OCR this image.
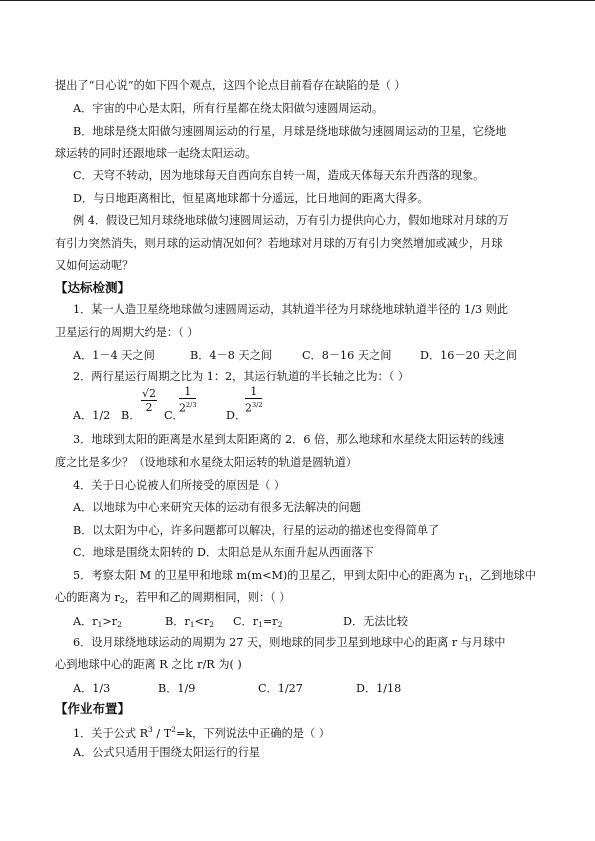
提出了“日心说”的如下四个观点，这四个论点目前看存在缺陷的是（ ）
A．宇宙的中心是太阳，所有行星都在绕太阳做匀速圆周运动。
B．地球是绕太阳做匀速圆周运动的行星，月球是绕地球做匀速圆周运动的卫星，它绕地
球运转的同时还跟地球一起绕太阳运动。
C．天穹不转动，因为地球每天自西向东自转一周，造成天体每天东升西落的现象。
D．与日地距离相比，恒星离地球都十分遥远，比日地间的距离大得多。
例 4．假设已知月球绕地球做匀速圆周运动，万有引力提供向心力，假如地球对月球的万
有引力突然消失，则月球的运动情况如何？若地球对月球的万有引力突然增加或减少，月球
又如何运动呢？
【达标检测】
1．某一人造卫星绕地球做匀速圆周运动，其轨道半径为月球绕地球轨道半径的 1/3 则此
卫星运行的周期大约是：（ ）
A．1－4 天之间	B．4－8 天之间	C．8－16 天之间	D．16－20 天之间
2．两行星运行周期之比为 1：2，其运行轨道的半长轴之比为：（ ）
A．1/2 B． C．	D．
$\frac{√2}{2} \frac{1}{2^{2/3}}$	$\frac{1}{2^{3/2}}$
3．地球到太阳的距离是水星到太阳距离的 2．6 倍，那么地球和水星绕太阳运转的线速
度之比是多少？（设地球和水星绕太阳运转的轨道是圆轨道）
4．关于日心说被人们所接受的原因是（ ）
A．以地球为中心来研究天体的运动有很多无法解决的问题
B．以太阳为中心，许多问题都可以解决，行星的运动的描述也变得简单了
C．地球是围绕太阳转的 D．太阳总是从东面升起从西面落下
5．考察太阳 M 的卫星甲和地球 m(m<M)的卫星乙，甲到太阳中心的距离为 $r_1$，乙到地球中
心的距离为 $r_2$，若甲和乙的周期相同，则：（ ）
A．$r_1>r_2$	B．$r_1<r_2$ C．$r_1=r_2$	D．无法比较
6．设月球绕地球运动的周期为 27 天，则地球的同步卫星到地球中心的距离 r 与月球中
心到地球中心的距离 R 之比 r/R 为( )
A．1/3	B．1/9	C．1/27	D．1/18
【作业布置】
1．关于公式 $R^3 / T^2=k$，下列说法中正确的是（ ）
A．公式只适用于围绕太阳运行的行星
